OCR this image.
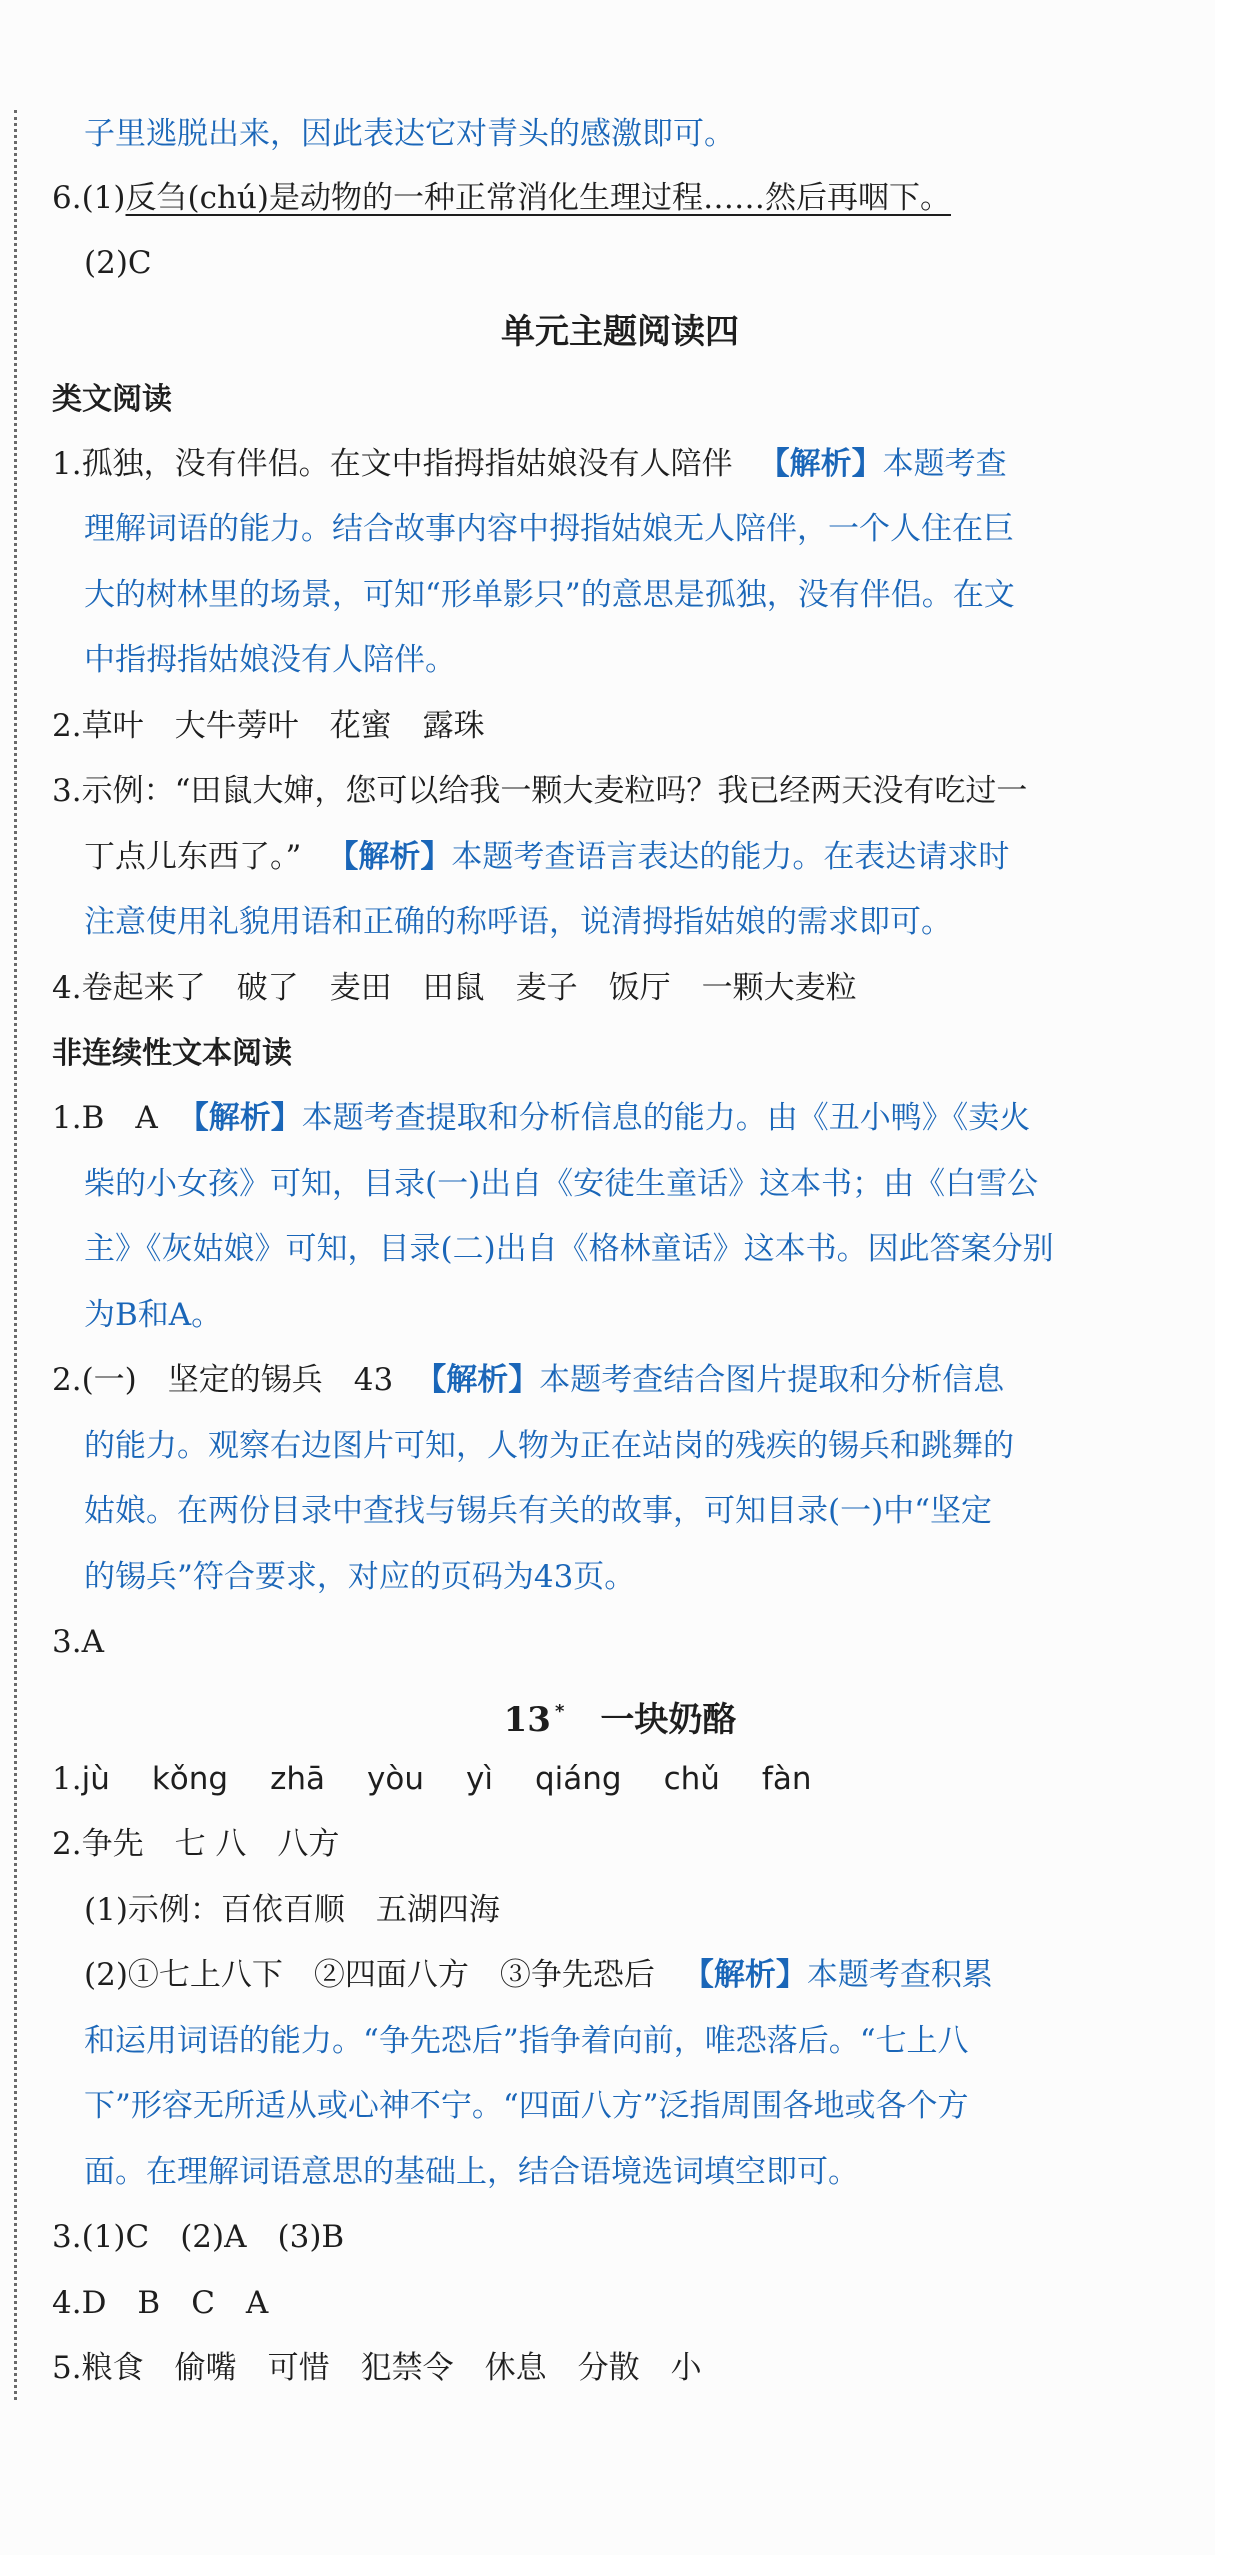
子里逃脱出来，因此表达它对青头的感激即可。
6.(1)反刍(chú)是动物的一种正常消化生理过程……然后再咽下。
(2)C
单元主题阅读四
类文阅读
1.孤独，没有伴侣。在文中指拇指姑娘没有人陪伴 【解析】本题考查
理解词语的能力。结合故事内容中拇指姑娘无人陪伴，一个人住在巨
大的树林里的场景，可知“形单影只”的意思是孤独，没有伴侣。在文
中指拇指姑娘没有人陪伴。
2.草叶　大牛蒡叶　花蜜　露珠
3.示例：“田鼠大婶，您可以给我一颗大麦粒吗？我已经两天没有吃过一
丁点儿东西了。” 【解析】本题考查语言表达的能力。在表达请求时
注意使用礼貌用语和正确的称呼语，说清拇指姑娘的需求即可。
4.卷起来了　破了　麦田　田鼠　麦子　饭厅　一颗大麦粒
非连续性文本阅读
1.B　A 【解析】本题考查提取和分析信息的能力。由《丑小鸭》《卖火
柴的小女孩》可知，目录(一)出自《安徒生童话》这本书；由《白雪公
主》《灰姑娘》可知，目录(二)出自《格林童话》这本书。因此答案分别
为B和A。
2.(一)　坚定的锡兵　43 【解析】本题考查结合图片提取和分析信息
的能力。观察右边图片可知，人物为正在站岗的残疾的锡兵和跳舞的
姑娘。在两份目录中查找与锡兵有关的故事，可知目录(一)中“坚定
的锡兵”符合要求，对应的页码为43页。
3.A
13 * 一块奶酪
1.jù kǒng zhā yòu yì qiáng chǔ fàn
2.争先　七 八　八方
(1)示例：百依百顺　五湖四海
(2)①七上八下　②四面八方　③争先恐后 【解析】本题考查积累
和运用词语的能力。“争先恐后”指争着向前，唯恐落后。“七上八
下”形容无所适从或心神不宁。“四面八方”泛指周围各地或各个方
面。在理解词语意思的基础上，结合语境选词填空即可。
3.(1)C　(2)A　(3)B
4.D　B　C　A
5.粮食　偷嘴　可惜　犯禁令　休息　分散　小
